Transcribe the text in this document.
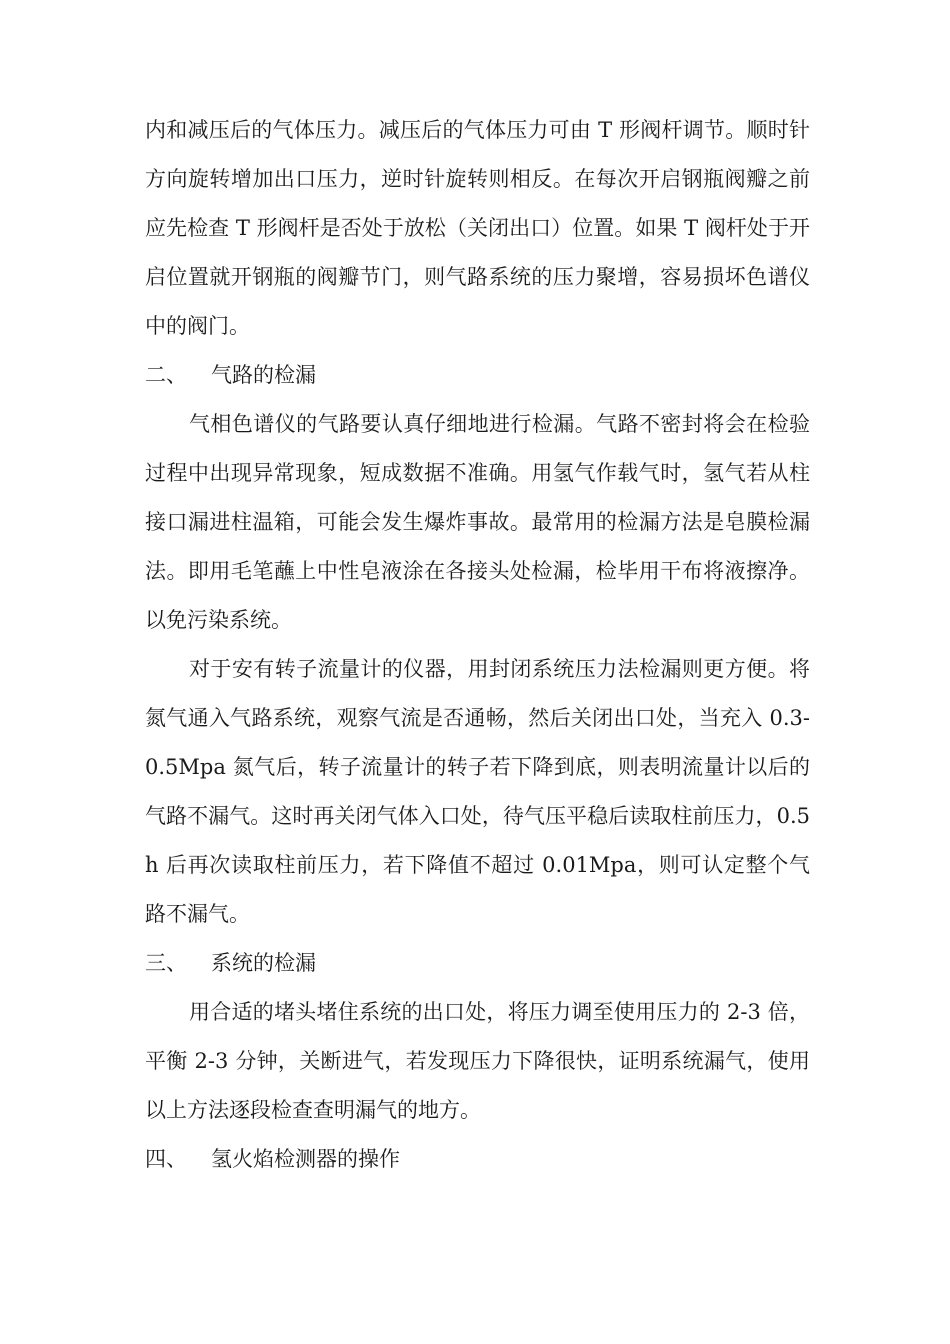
内和减压后的气体压力。减压后的气体压力可由 T 形阀杆调节。顺时针方向旋转增加出口压力，逆时针旋转则相反。在每次开启钢瓶阀瓣之前应先检查 T 形阀杆是否处于放松（关闭出口）位置。如果 T 阀杆处于开启位置就开钢瓶的阀瓣节门，则气路系统的压力聚增，容易损坏色谱仪中的阀门。

二、 气路的检漏

气相色谱仪的气路要认真仔细地进行检漏。气路不密封将会在检验过程中出现异常现象，短成数据不准确。用氢气作载气时，氢气若从柱接口漏进柱温箱，可能会发生爆炸事故。最常用的检漏方法是皂膜检漏法。即用毛笔蘸上中性皂液涂在各接头处检漏，检毕用干布将液擦净。以免污染系统。

对于安有转子流量计的仪器，用封闭系统压力法检漏则更方便。将氮气通入气路系统，观察气流是否通畅，然后关闭出口处，当充入 0.3-0.5Mpa 氮气后，转子流量计的转子若下降到底，则表明流量计以后的气路不漏气。这时再关闭气体入口处，待气压平稳后读取柱前压力，0.5h 后再次读取柱前压力，若下降值不超过 0.01Mpa，则可认定整个气路不漏气。

三、 系统的检漏

用合适的堵头堵住系统的出口处，将压力调至使用压力的 2-3 倍，平衡 2-3 分钟，关断进气，若发现压力下降很快，证明系统漏气，使用以上方法逐段检查查明漏气的地方。

四、 氢火焰检测器的操作
